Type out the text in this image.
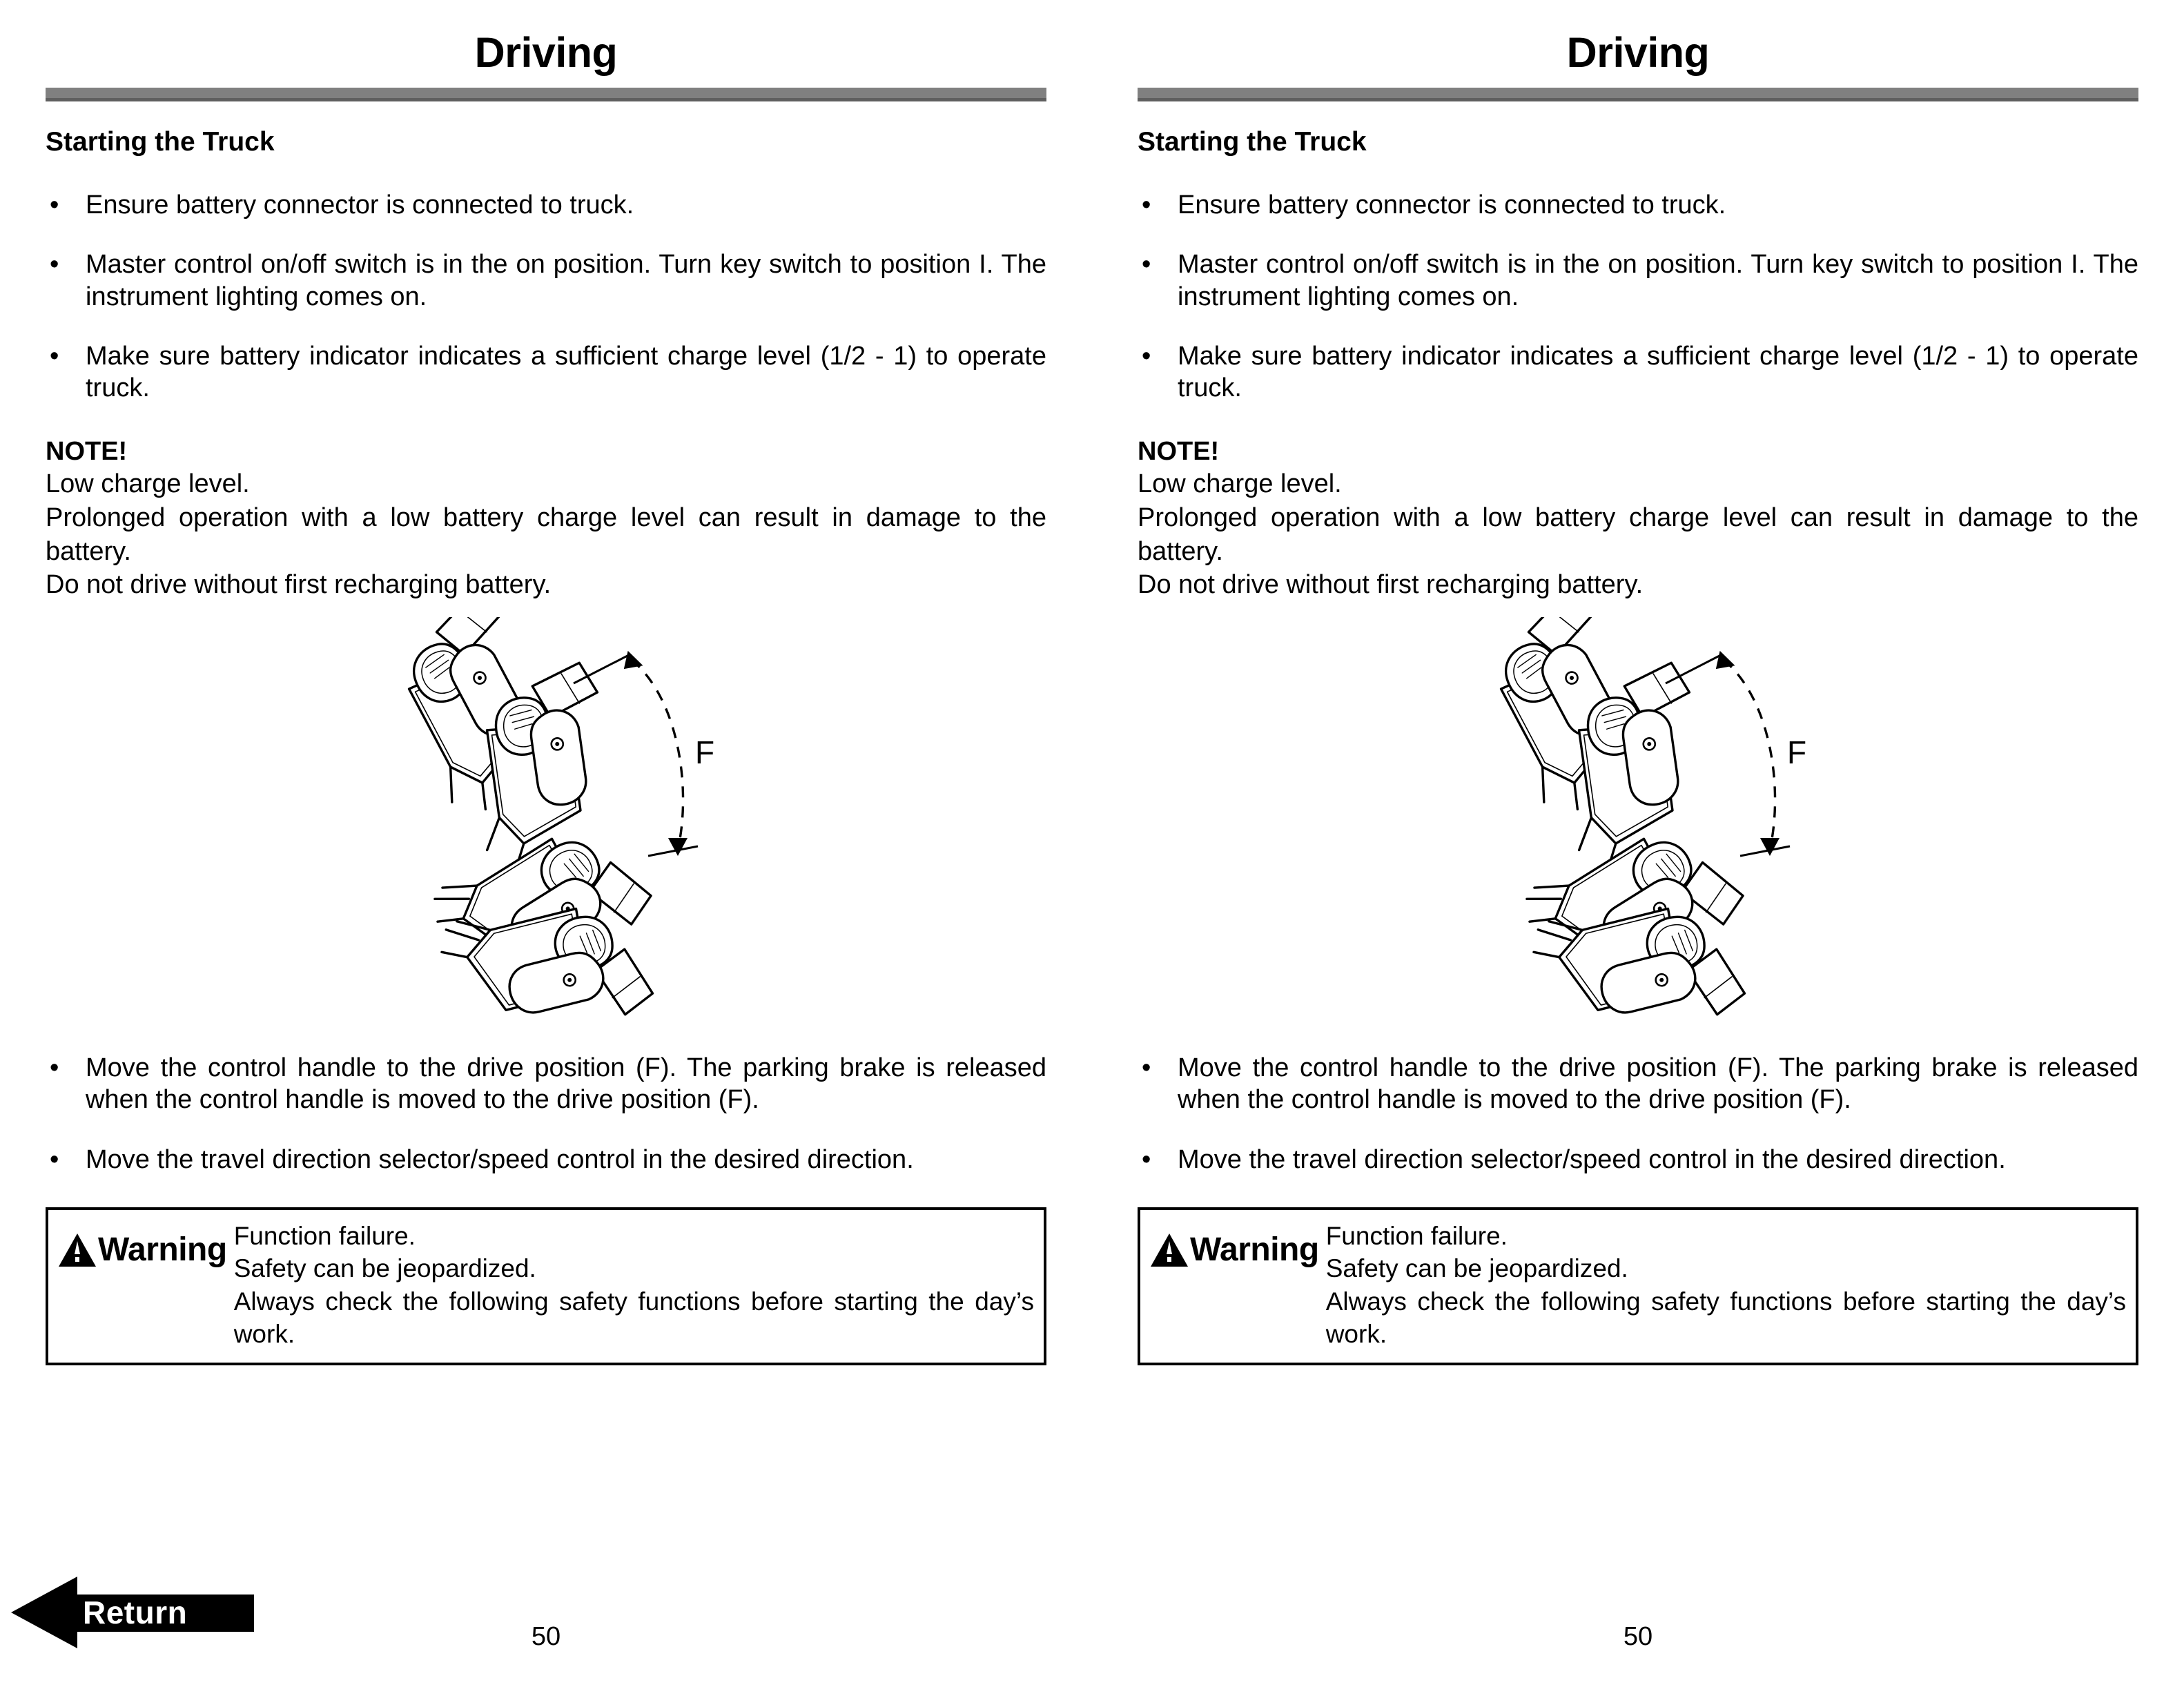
Driving
Starting the Truck
•	Ensure battery connector is connected to truck.
•	Master control on/off switch is in the on position. Turn key switch to position I. The instrument lighting comes on.
•	Make sure battery indicator indicates a sufficient charge level (1/2 - 1) to operate truck.
NOTE!
Low charge level.
Prolonged operation with a low battery charge level can result in damage to the battery.
Do not drive without first recharging battery.
F
•	Move the control handle to the drive position (F). The parking brake is released when the control handle is moved to the drive position (F).
•	Move the travel direction selector/speed control in the desired direction.
Warning Function failure.
Safety can be jeopardized.
Always check the following safety functions before starting the day’s work.
50
Return
Driving
Starting the Truck
•	Ensure battery connector is connected to truck.
•	Master control on/off switch is in the on position. Turn key switch to position I. The instrument lighting comes on.
•	Make sure battery indicator indicates a sufficient charge level (1/2 - 1) to operate truck.
NOTE!
Low charge level.
Prolonged operation with a low battery charge level can result in damage to the battery.
Do not drive without first recharging battery.
F
•	Move the control handle to the drive position (F). The parking brake is released when the control handle is moved to the drive position (F).
•	Move the travel direction selector/speed control in the desired direction.
Warning Function failure.
Safety can be jeopardized.
Always check the following safety functions before starting the day’s work.
50
